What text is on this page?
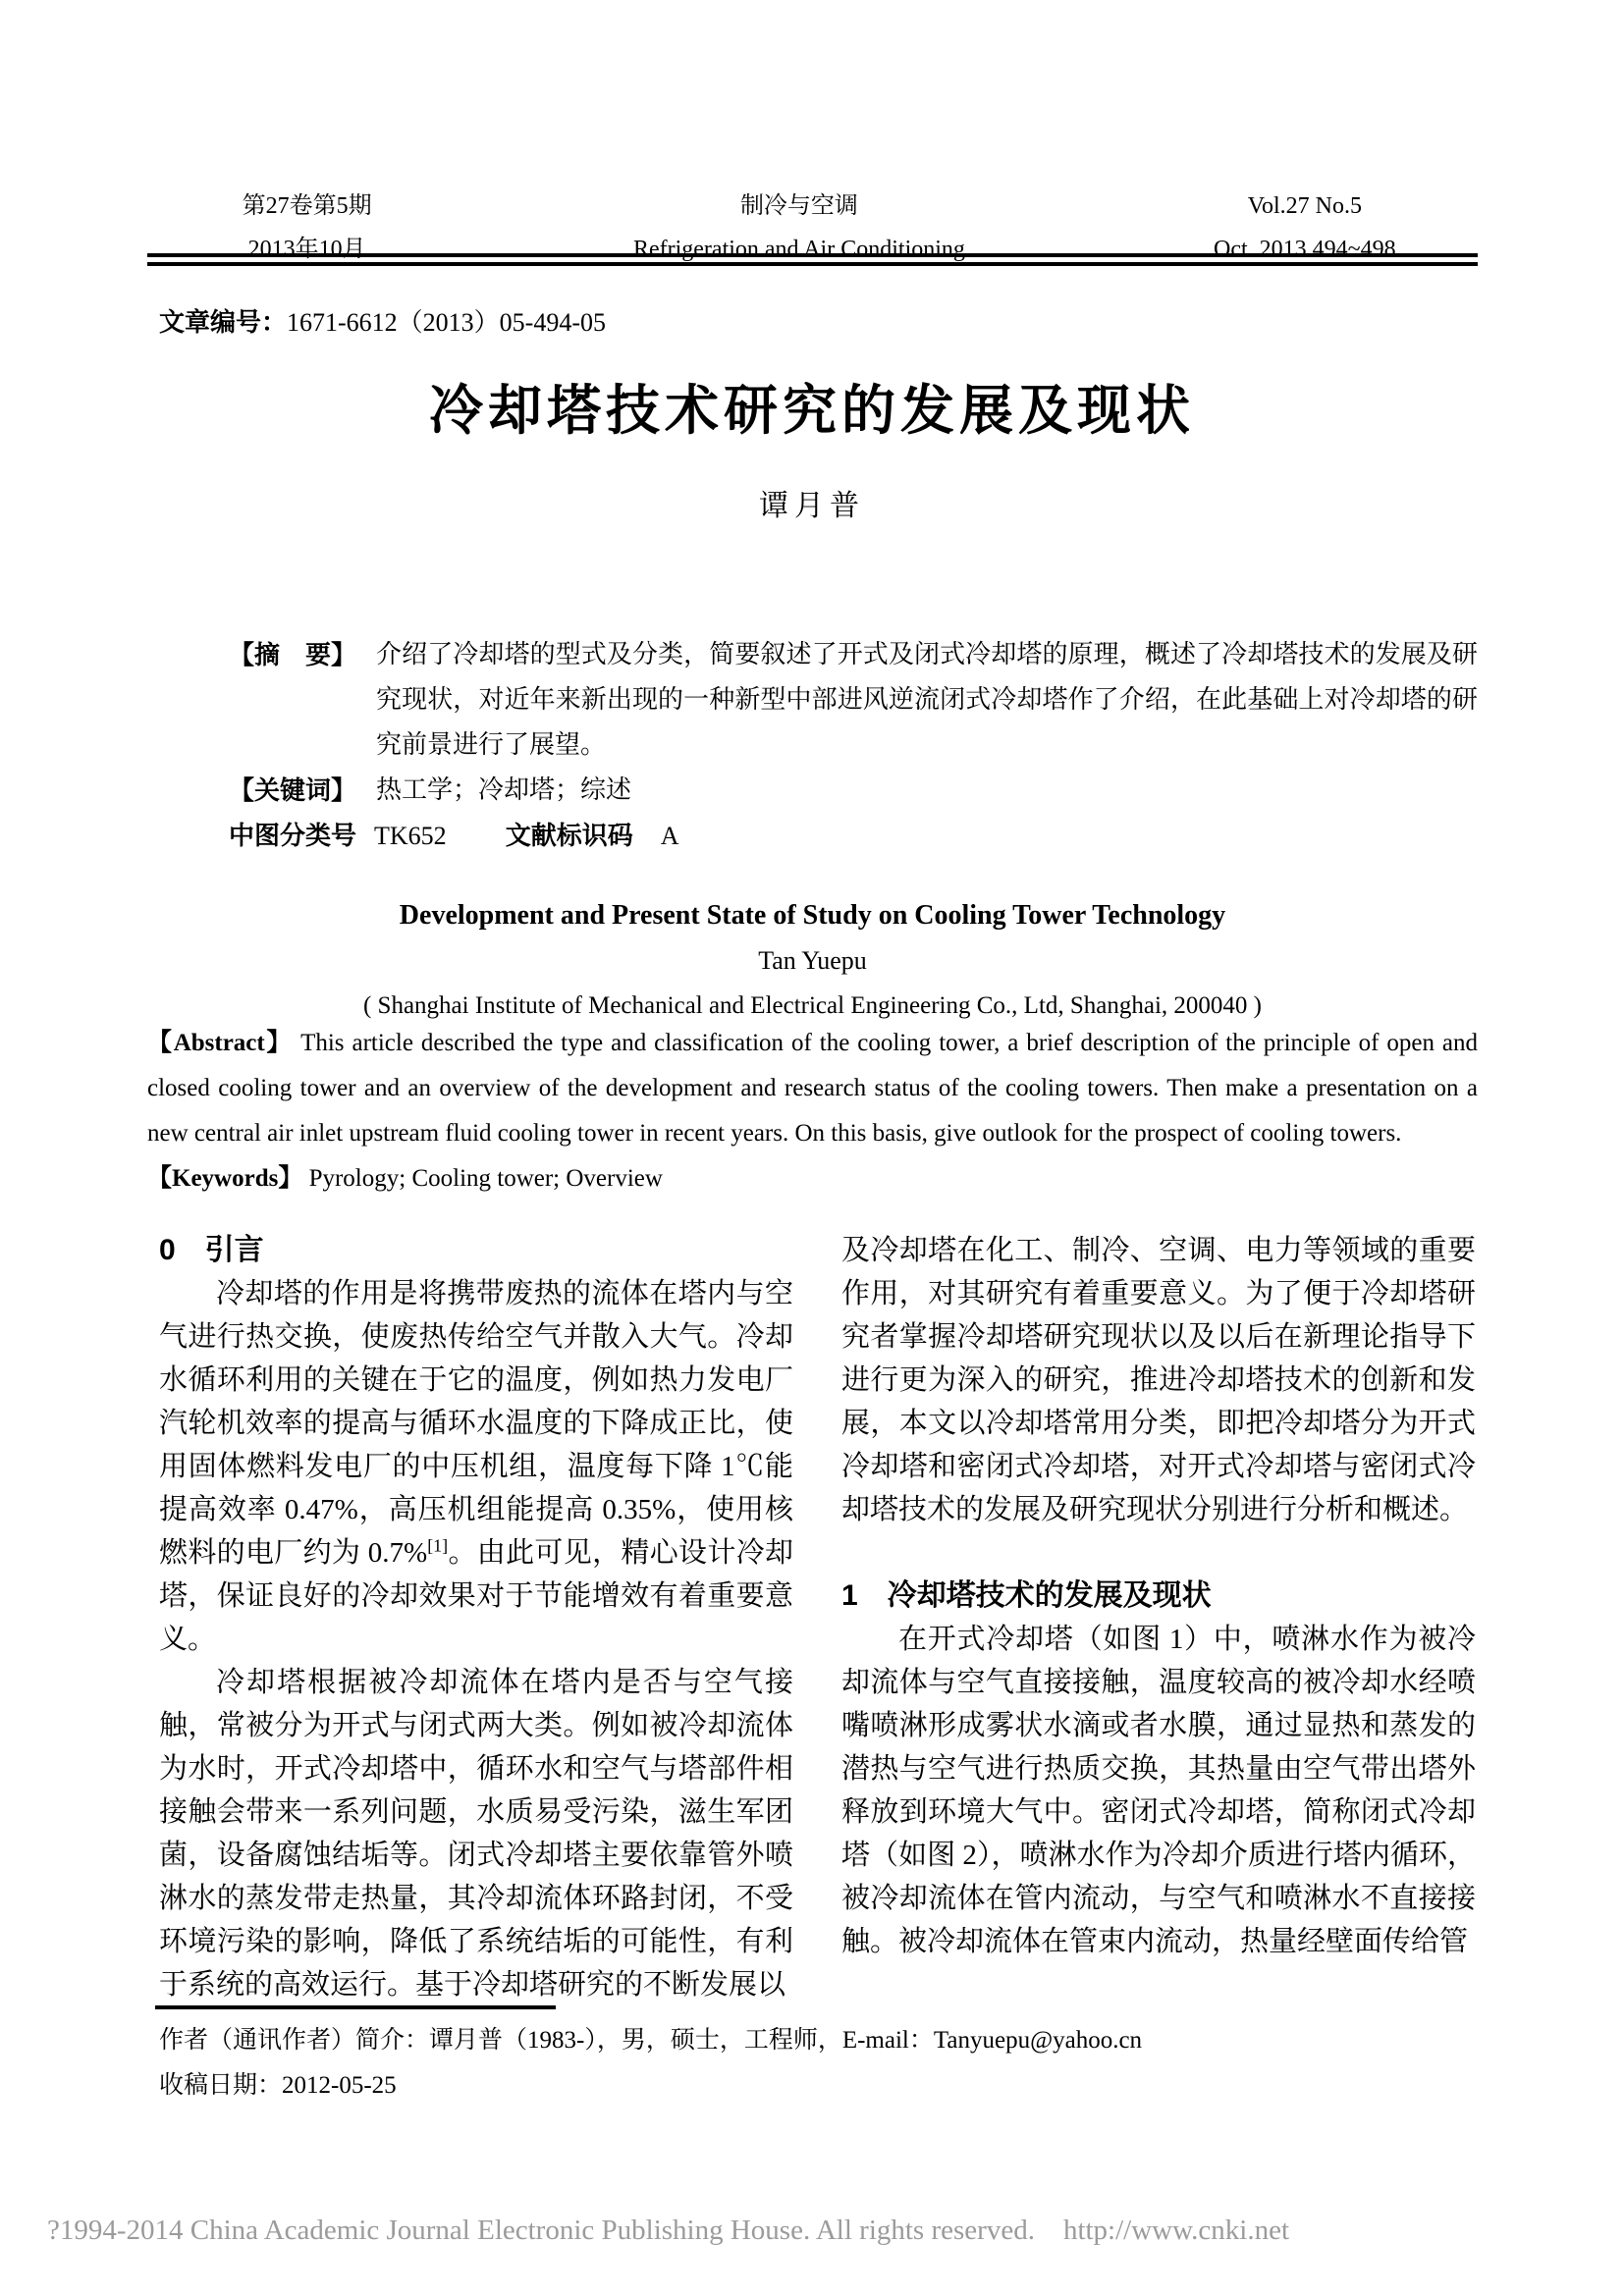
第27卷第5期
2013年10月
制冷与空调
Refrigeration and Air Conditioning
Vol.27 No.5
Oct. 2013.494~498
文章编号：1671-6612（2013）05-494-05
冷却塔技术研究的发展及现状
谭月普
【摘　要】 介绍了冷却塔的型式及分类，简要叙述了开式及闭式冷却塔的原理，概述了冷却塔技术的发展及研究现状，对近年来新出现的一种新型中部进风逆流闭式冷却塔作了介绍，在此基础上对冷却塔的研究前景进行了展望。
【关键词】 热工学；冷却塔；综述
中图分类号 TK652 文献标识码 A
Development and Present State of Study on Cooling Tower Technology
Tan Yuepu
( Shanghai Institute of Mechanical and Electrical Engineering Co., Ltd, Shanghai, 200040 )

【Abstract】 This article described the type and classification of the cooling tower, a brief description of the principle of open and closed cooling tower and an overview of the development and research status of the cooling towers. Then make a presentation on a new central air inlet upstream fluid cooling tower in recent years. On this basis, give outlook for the prospect of cooling towers.

【Keywords】 Pyrology; Cooling tower; Overview

0　引言

冷却塔的作用是将携带废热的流体在塔内与空气进行热交换，使废热传给空气并散入大气。冷却水循环利用的关键在于它的温度，例如热力发电厂汽轮机效率的提高与循环水温度的下降成正比，使用固体燃料发电厂的中压机组，温度每下降 1℃能提高效率 0.47%，高压机组能提高 0.35%，使用核燃料的电厂约为 0.7%[1]。由此可见，精心设计冷却塔，保证良好的冷却效果对于节能增效有着重要意义。

冷却塔根据被冷却流体在塔内是否与空气接触，常被分为开式与闭式两大类。例如被冷却流体为水时，开式冷却塔中，循环水和空气与塔部件相接触会带来一系列问题，水质易受污染，滋生军团菌，设备腐蚀结垢等。闭式冷却塔主要依靠管外喷淋水的蒸发带走热量，其冷却流体环路封闭，不受环境污染的影响，降低了系统结垢的可能性，有利于系统的高效运行。基于冷却塔研究的不断发展以

及冷却塔在化工、制冷、空调、电力等领域的重要作用，对其研究有着重要意义。为了便于冷却塔研究者掌握冷却塔研究现状以及以后在新理论指导下进行更为深入的研究，推进冷却塔技术的创新和发展，本文以冷却塔常用分类，即把冷却塔分为开式冷却塔和密闭式冷却塔，对开式冷却塔与密闭式冷却塔技术的发展及研究现状分别进行分析和概述。

1　冷却塔技术的发展及现状

在开式冷却塔（如图 1）中，喷淋水作为被冷却流体与空气直接接触，温度较高的被冷却水经喷嘴喷淋形成雾状水滴或者水膜，通过显热和蒸发的潜热与空气进行热质交换，其热量由空气带出塔外释放到环境大气中。密闭式冷却塔，简称闭式冷却塔（如图 2），喷淋水作为冷却介质进行塔内循环，被冷却流体在管内流动，与空气和喷淋水不直接接触。被冷却流体在管束内流动，热量经壁面传给管

作者（通讯作者）简介：谭月普（1983-），男，硕士，工程师，E-mail：Tanyuepu@yahoo.cn
收稿日期：2012-05-25
?1994-2014 China Academic Journal Electronic Publishing House. All rights reserved.    http://www.cnki.net
